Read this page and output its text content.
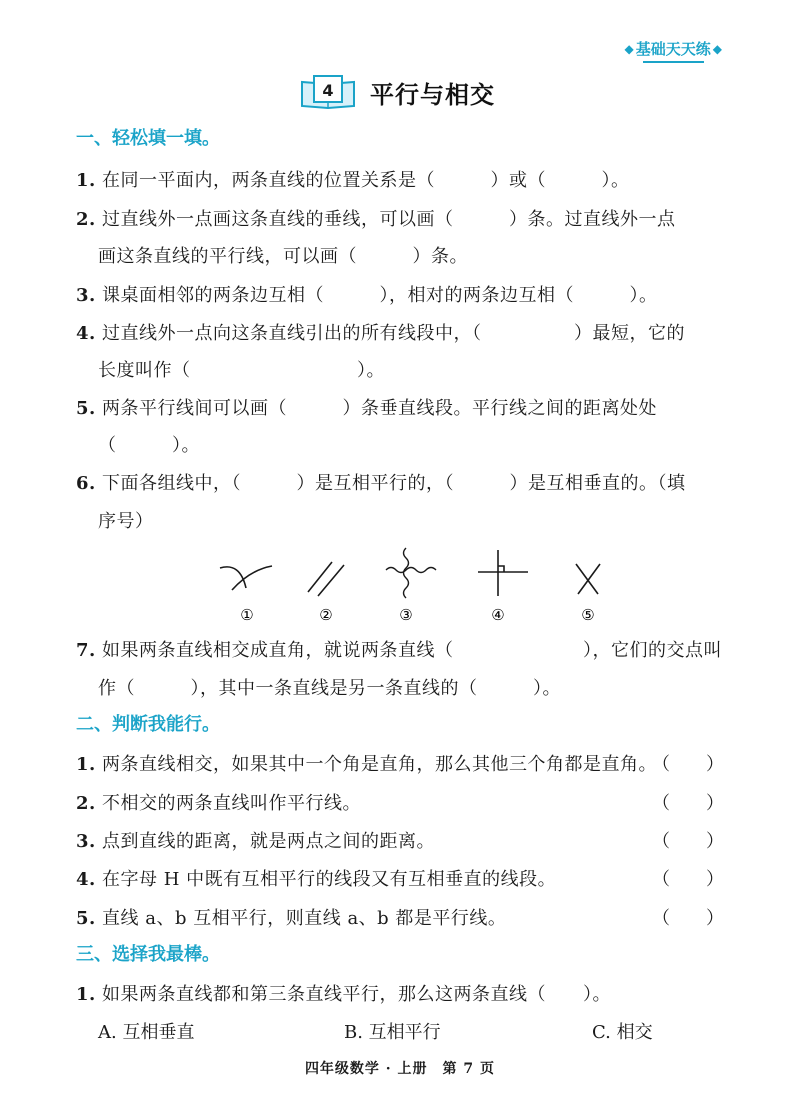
◆ 基础天天练 ◆
4 平行与相交
一、轻松填一填。
1. 在同一平面内，两条直线的位置关系是（　　　）或（　　　）。
2. 过直线外一点画这条直线的垂线，可以画（　　　）条。过直线外一点
画这条直线的平行线，可以画（　　　）条。
3. 课桌面相邻的两条边互相（　　　），相对的两条边互相（　　　）。
4. 过直线外一点向这条直线引出的所有线段中，（　　　　　）最短，它的
长度叫作（　　　　　　　　　）。
5. 两条平行线间可以画（　　　）条垂直线段。平行线之间的距离处处
（　　　）。
6. 下面各组线中，（　　　）是互相平行的，（　　　）是互相垂直的。（填
序号）
①	②	③	④	⑤
7. 如果两条直线相交成直角，就说两条直线（　　　　　　　），它们的交点叫
作（　　　），其中一条直线是另一条直线的（　　　）。
二、判断我能行。
1. 两条直线相交，如果其中一个角是直角，那么其他三个角都是直角。
（　　）
2. 不相交的两条直线叫作平行线。	（　　）
3. 点到直线的距离，就是两点之间的距离。	（　　）
4. 在字母 H 中既有互相平行的线段又有互相垂直的线段。	（　　）
5. 直线 a、b 互相平行，则直线 a、b 都是平行线。	（　　）
三、选择我最棒。
1. 如果两条直线都和第三条直线平行，那么这两条直线（　　）。
A. 互相垂直	B. 互相平行	C. 相交
四年级数学 · 上册　第 7 页
